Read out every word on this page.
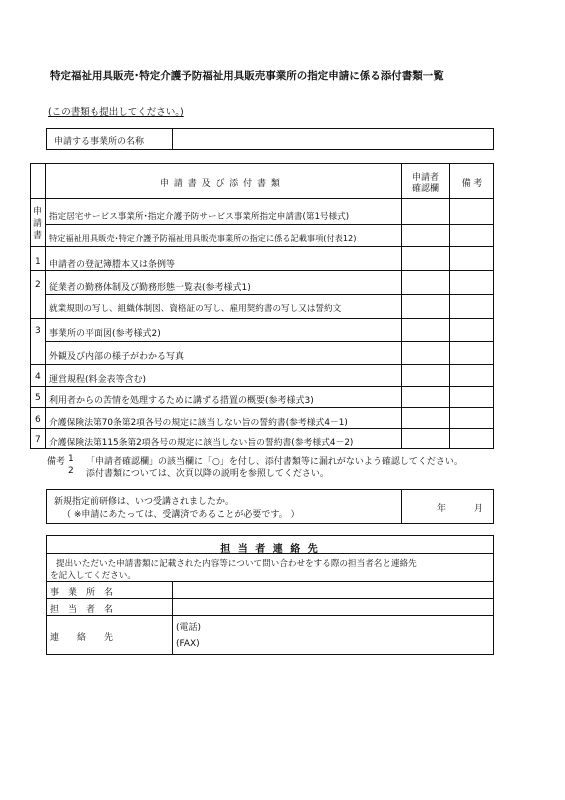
特定福祉用具販売･特定介護予防福祉用具販売事業所の指定申請に係る添付書類一覧
(この書類も提出してください。)
申請する事業所の名称
申 請 書 及 び 添 付 書 類
申請者
確認欄	備 考
申
請
書
指定居宅サービス事業所･指定介護予防サービス事業所指定申請書(第1号様式)
特定福祉用具販売･特定介護予防福祉用具販売事業所の指定に係る記載事項(付表12)
1 申請者の登記簿謄本又は条例等
2 従業者の勤務体制及び勤務形態一覧表(参考様式1)
就業規則の写し、組織体制図、資格証の写し、雇用契約書の写し又は誓約文
3 事業所の平面図(参考様式2)
外観及び内部の様子がわかる写真
4 運営規程(料金表等含む)
5 利用者からの苦情を処理するために講ずる措置の概要(参考様式3)
6 介護保険法第70条第2項各号の規定に該当しない旨の誓約書(参考様式4－1)
7 介護保険法第115条第2項各号の規定に該当しない旨の誓約書(参考様式4－2)
備考 1 「申請者確認欄」の該当欄に「○」を付し、添付書類等に漏れがないよう確認してください。
2 添付書類については、次頁以降の説明を参照してください。
新規指定前研修は、いつ受講されましたか。
（ ※申請にあたっては、受講済であることが必要です。 ）
年	月
担 当 者 連 絡 先
提出いただいた申請書類に記載された内容等について問い合わせをする際の担当者名と連絡先
を記入してください。
事　業　所　名
担　当　者　名
連　　絡　　先
(電話)
(FAX)
